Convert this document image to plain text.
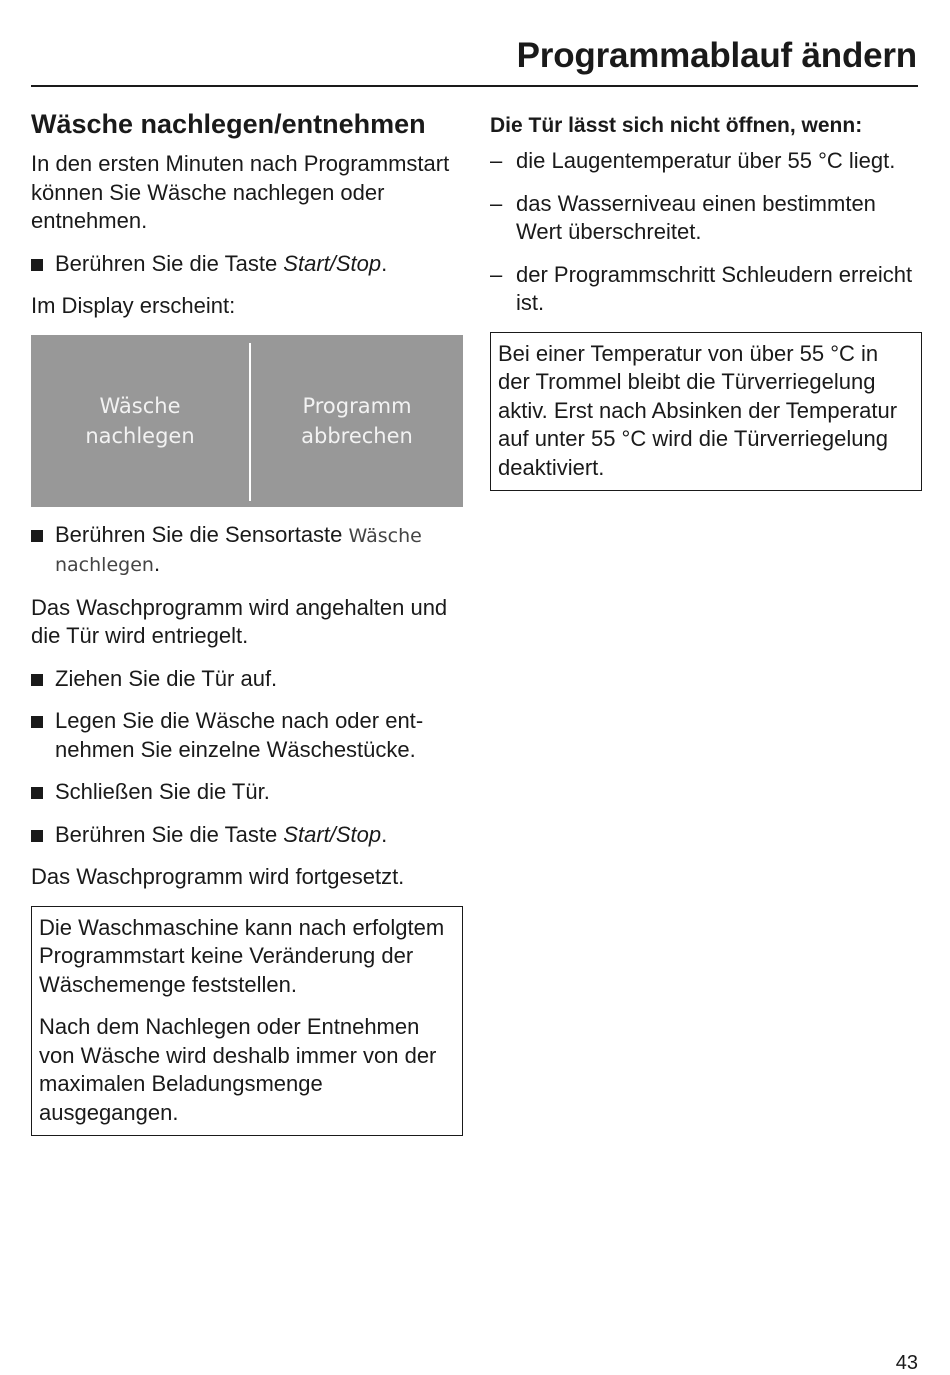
Programmablauf ändern
Wäsche nachlegen/entnehmen

In den ersten Minuten nach Programmstart können Sie Wäsche nachlegen oder entnehmen.

Berühren Sie die Taste Start/Stop.

Im Display erscheint:

Wäsche
nachlegen
Programm
abbrechen
Berühren Sie die Sensortaste Wäsche nachlegen.

Das Waschprogramm wird angehalten und die Tür wird entriegelt.

Ziehen Sie die Tür auf.
Legen Sie die Wäsche nach oder entnehmen Sie einzelne Wäschestücke.
Schließen Sie die Tür.
Berühren Sie die Taste Start/Stop.

Das Waschprogramm wird fortgesetzt.

Die Waschmaschine kann nach erfolgtem Programmstart keine Veränderung der Wäschemenge feststellen.

Nach dem Nachlegen oder Entnehmen von Wäsche wird deshalb immer von der maximalen Beladungsmenge ausgegangen.

Die Tür lässt sich nicht öffnen, wenn:
– die Laugentemperatur über 55 °C liegt.
– das Wasserniveau einen bestimmten Wert überschreitet.
– der Programmschritt Schleudern erreicht ist.

Bei einer Temperatur von über 55 °C in der Trommel bleibt die Türverriegelung aktiv. Erst nach Absinken der Temperatur auf unter 55 °C wird die Türverriegelung deaktiviert.

43
